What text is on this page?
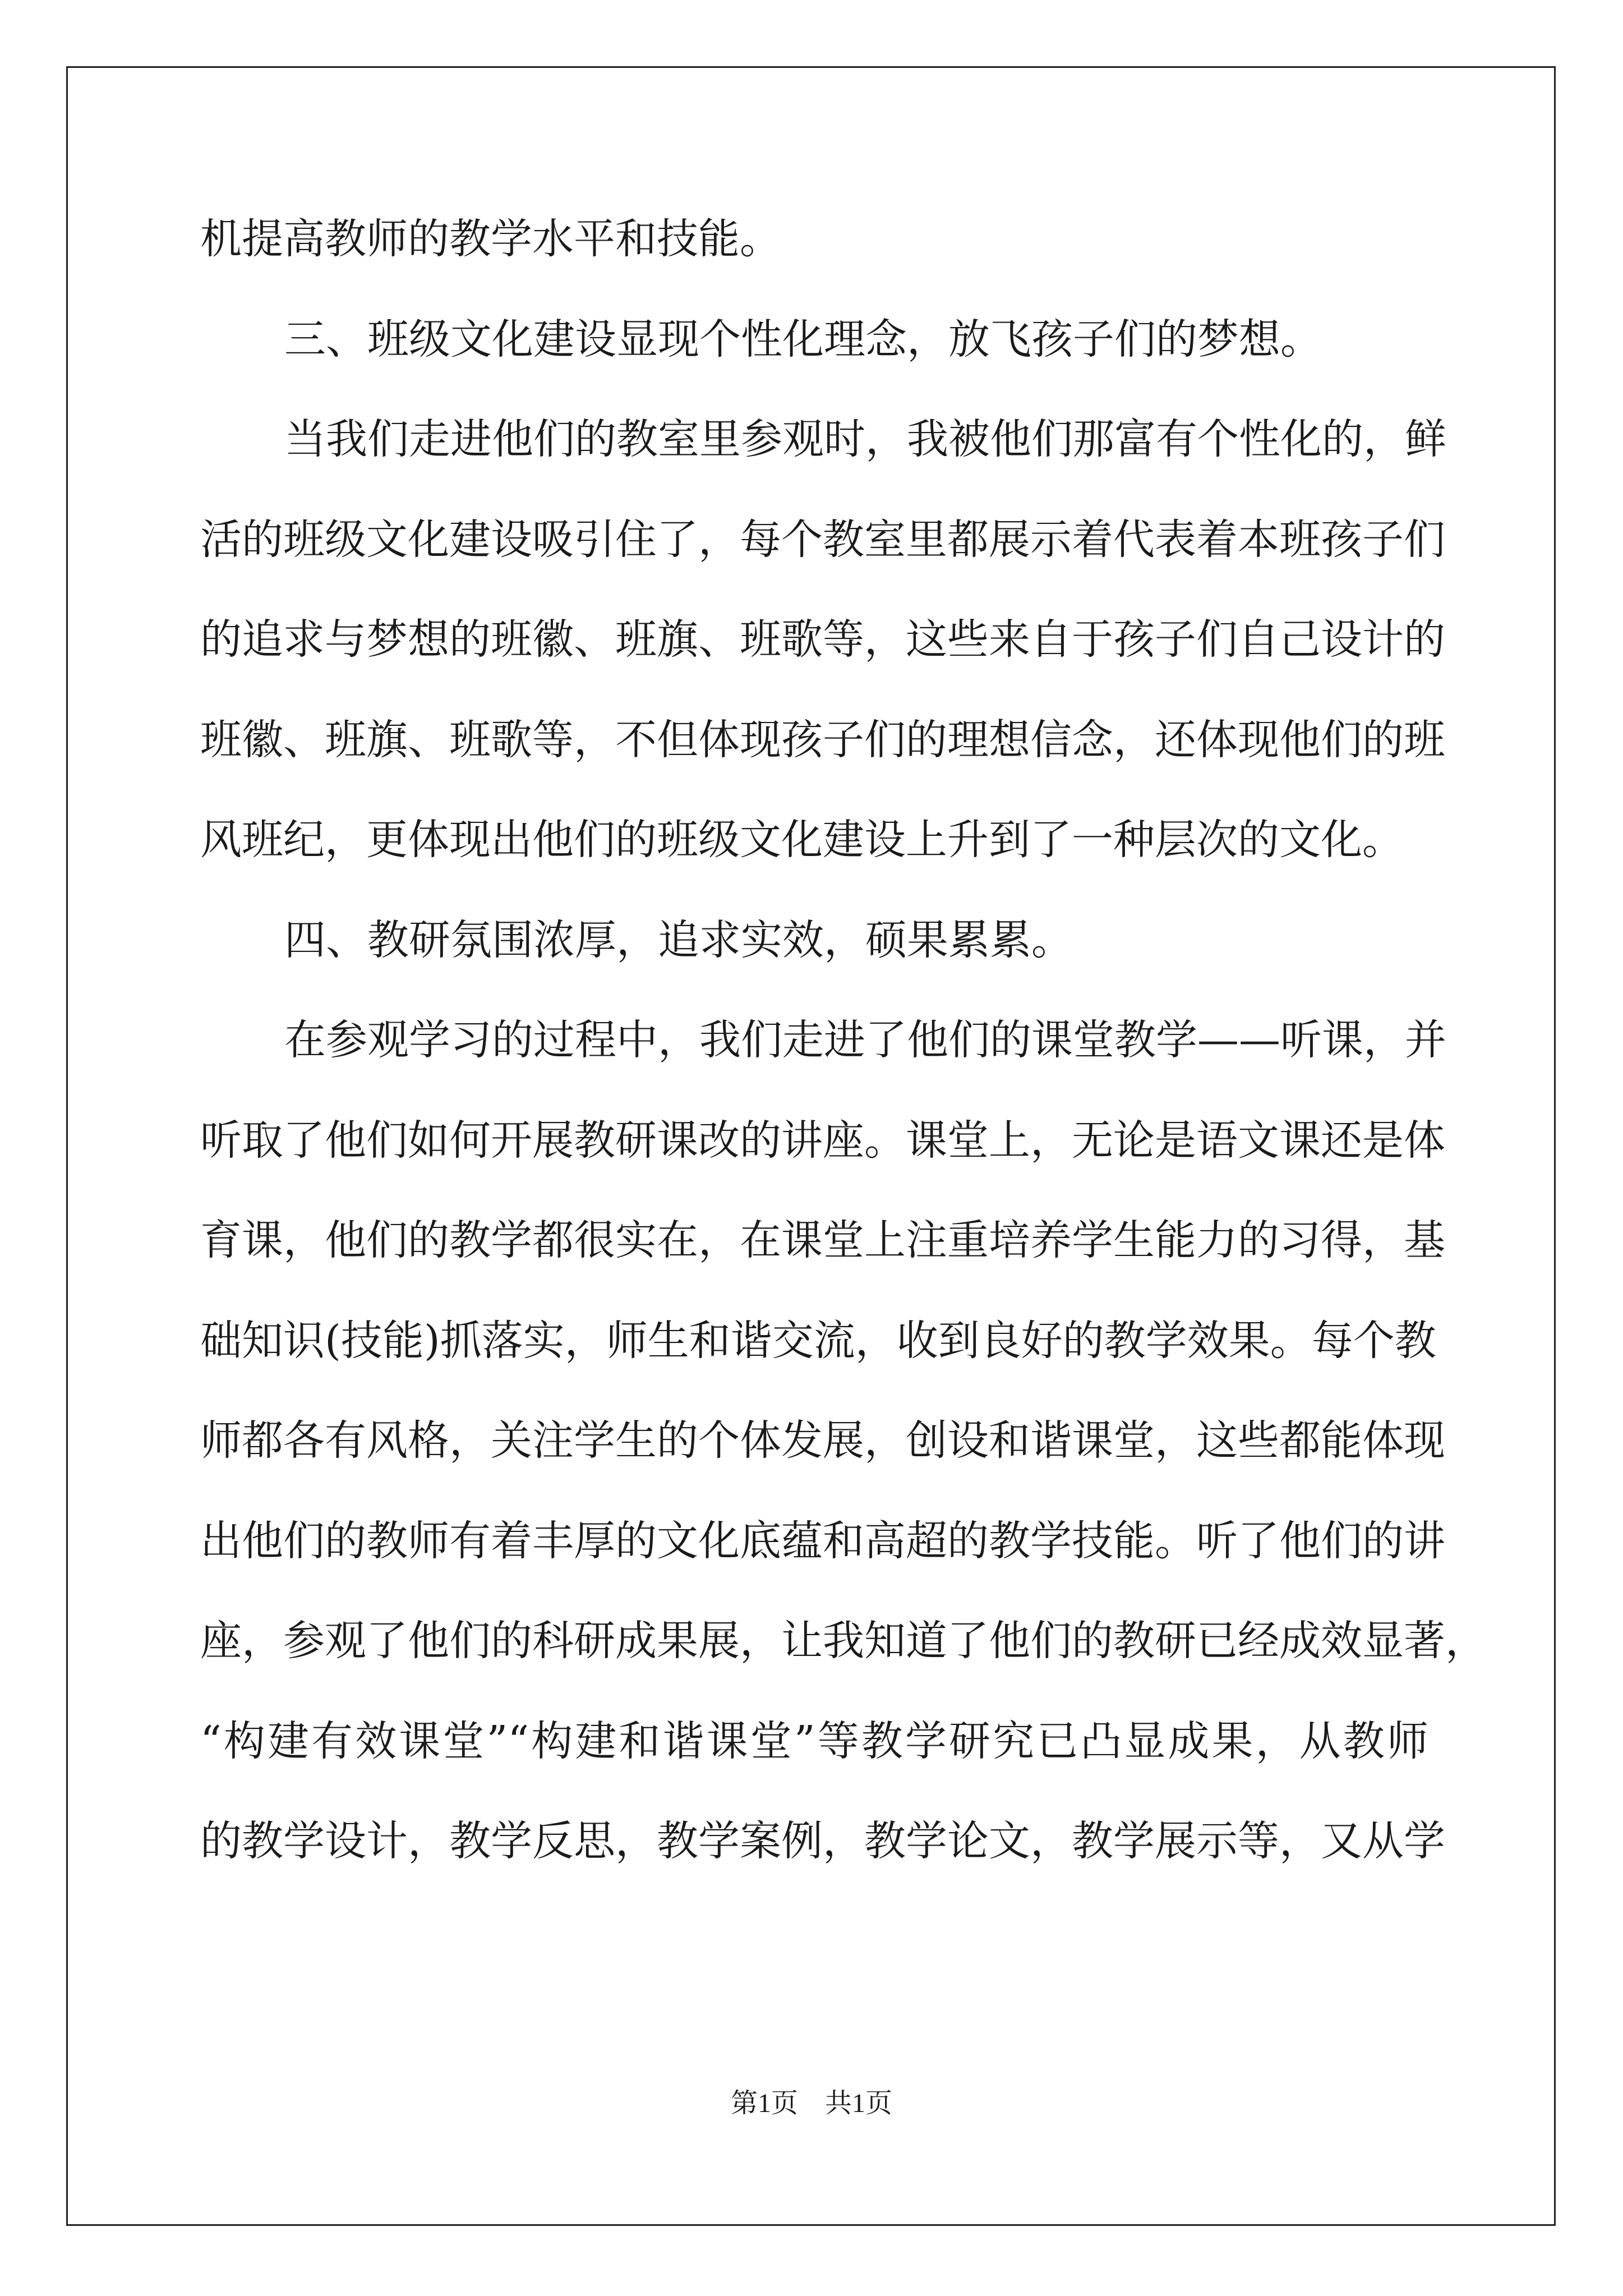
机提高教师的教学水平和技能。
三、班级文化建设显现个性化理念，放飞孩子们的梦想。
当我们走进他们的教室里参观时，我被他们那富有个性化的，鲜
活的班级文化建设吸引住了，每个教室里都展示着代表着本班孩子们
的追求与梦想的班徽、班旗、班歌等，这些来自于孩子们自己设计的
班徽、班旗、班歌等，不但体现孩子们的理想信念，还体现他们的班
风班纪，更体现出他们的班级文化建设上升到了一种层次的文化。
四、教研氛围浓厚，追求实效，硕果累累。
在参观学习的过程中，我们走进了他们的课堂教学——听课，并
听取了他们如何开展教研课改的讲座。课堂上，无论是语文课还是体
育课，他们的教学都很实在，在课堂上注重培养学生能力的习得，基
础知识(技能)抓落实，师生和谐交流，收到良好的教学效果。每个教
师都各有风格，关注学生的个体发展，创设和谐课堂，这些都能体现
出他们的教师有着丰厚的文化底蕴和高超的教学技能。听了他们的讲
座，参观了他们的科研成果展，让我知道了他们的教研已经成效显著，
“构建有效课堂”“构建和谐课堂”等教学研究已凸显成果，从教师
的教学设计，教学反思，教学案例，教学论文，教学展示等，又从学
第1页 共1页
